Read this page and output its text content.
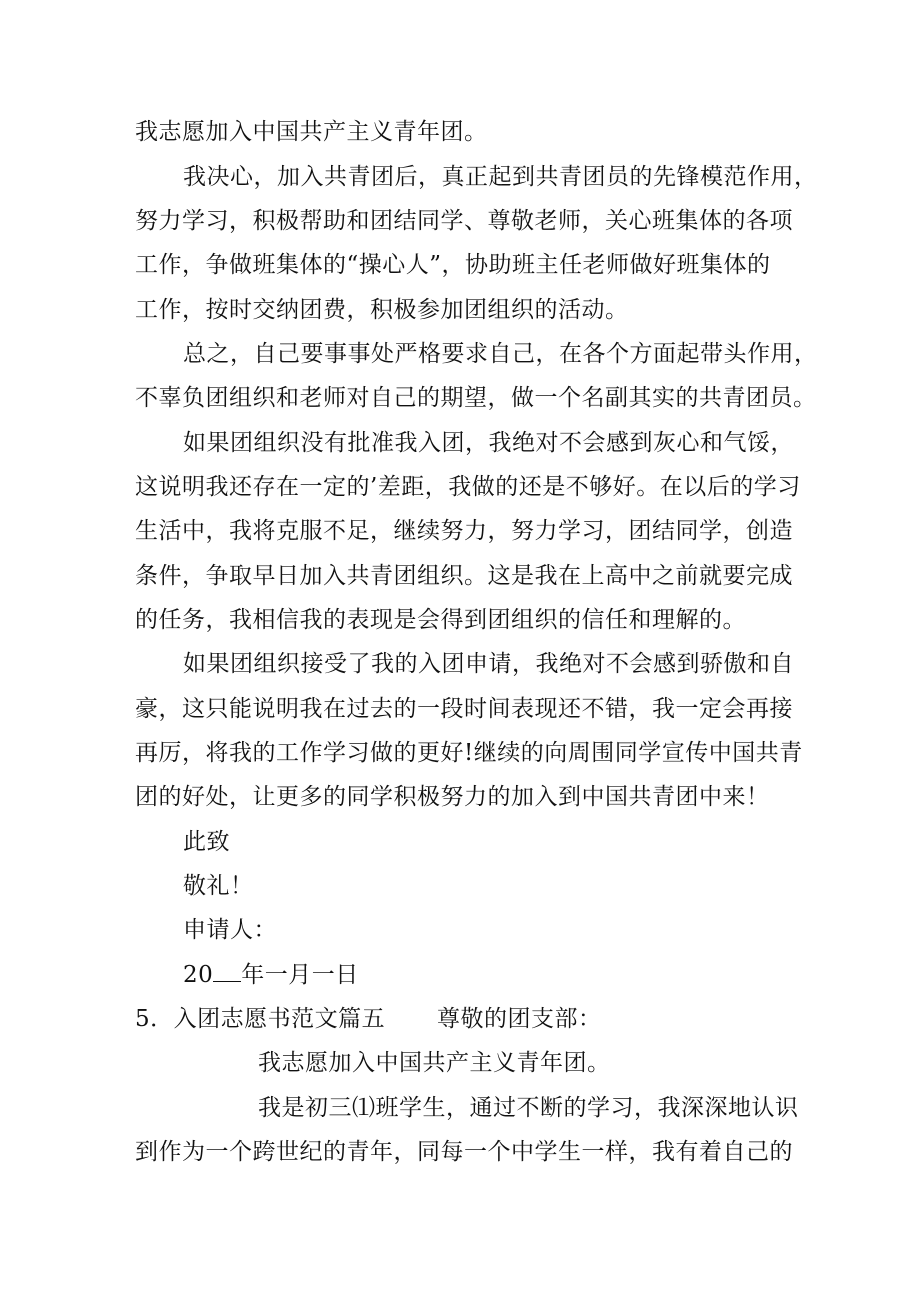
我志愿加入中国共产主义青年团。
我决心，加入共青团后，真正起到共青团员的先锋模范作用，
努力学习，积极帮助和团结同学、尊敬老师，关心班集体的各项
工作，争做班集体的“操心人”，协助班主任老师做好班集体的
工作，按时交纳团费，积极参加团组织的活动。
总之，自己要事事处严格要求自己，在各个方面起带头作用，
不辜负团组织和老师对自己的期望，做一个名副其实的共青团员。
如果团组织没有批准我入团，我绝对不会感到灰心和气馁，
这说明我还存在一定的’差距，我做的还是不够好。在以后的学习
生活中，我将克服不足，继续努力，努力学习，团结同学，创造
条件，争取早日加入共青团组织。这是我在上高中之前就要完成
的任务，我相信我的表现是会得到团组织的信任和理解的。
如果团组织接受了我的入团申请，我绝对不会感到骄傲和自
豪，这只能说明我在过去的一段时间表现还不错，我一定会再接
再厉，将我的工作学习做的更好!继续的向周围同学宣传中国共青
团的好处，让更多的同学积极努力的加入到中国共青团中来！
此致
敬礼！
申请人：
20 年一月一日
5．入团志愿书范文篇五 尊敬的团支部：
我志愿加入中国共产主义青年团。
我是初三⑴班学生，通过不断的学习，我深深地认识
到作为一个跨世纪的青年，同每一个中学生一样，我有着自己的
